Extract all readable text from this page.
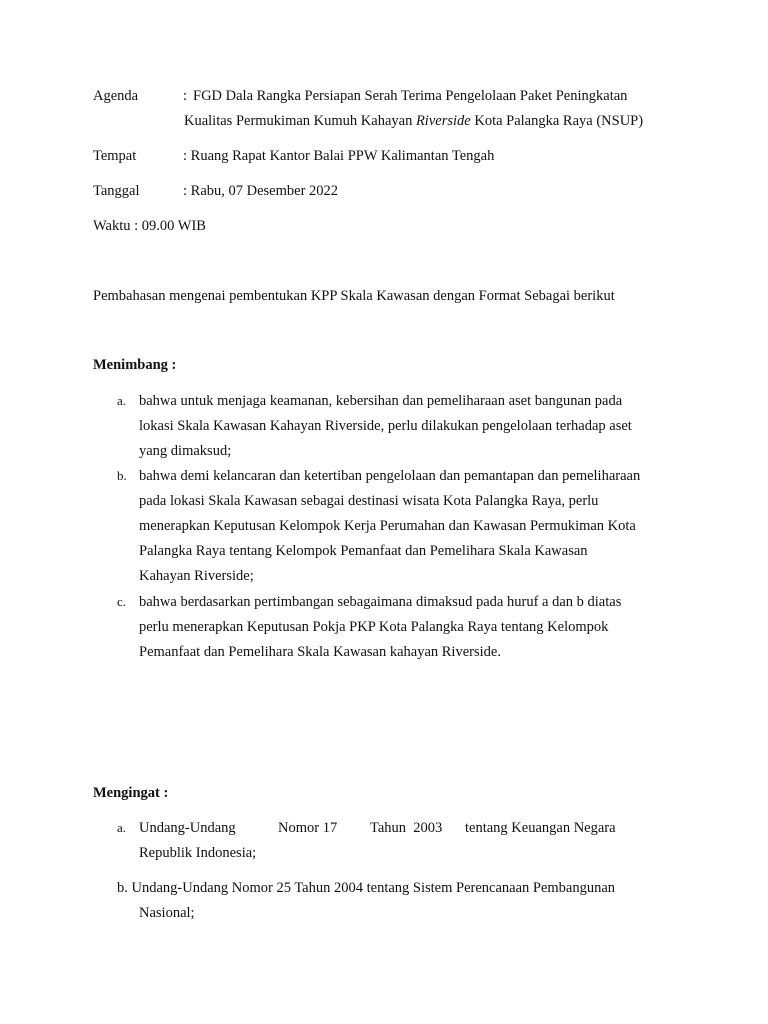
Agenda	: FGD Dala Rangka Persiapan Serah Terima Pengelolaan Paket Peningkatan
Kualitas Permukiman Kumuh Kahayan Riverside Kota Palangka Raya (NSUP)
Tempat	: Ruang Rapat Kantor Balai PPW Kalimantan Tengah
Tanggal	: Rabu, 07 Desember 2022
Waktu : 09.00 WIB
Pembahasan mengenai pembentukan KPP Skala Kawasan dengan Format Sebagai berikut
Menimbang :
a. bahwa untuk menjaga keamanan, kebersihan dan pemeliharaan aset bangunan pada
lokasi Skala Kawasan Kahayan Riverside, perlu dilakukan pengelolaan terhadap aset
yang dimaksud;
b. bahwa demi kelancaran dan ketertiban pengelolaan dan pemantapan dan pemeliharaan
pada lokasi Skala Kawasan sebagai destinasi wisata Kota Palangka Raya, perlu
menerapkan Keputusan Kelompok Kerja Perumahan dan Kawasan Permukiman Kota
Palangka Raya tentang Kelompok Pemanfaat dan Pemelihara Skala Kawasan
Kahayan Riverside;
c. bahwa berdasarkan pertimbangan sebagaimana dimaksud pada huruf a dan b diatas
perlu menerapkan Keputusan Pokja PKP Kota Palangka Raya tentang Kelompok
Pemanfaat dan Pemelihara Skala Kawasan kahayan Riverside.
Mengingat :
a. Undang-Undang	Nomor 17 Tahun  2003 tentang Keuangan Negara
Republik Indonesia;
b. Undang-Undang Nomor 25 Tahun 2004 tentang Sistem Perencanaan Pembangunan
Nasional;
